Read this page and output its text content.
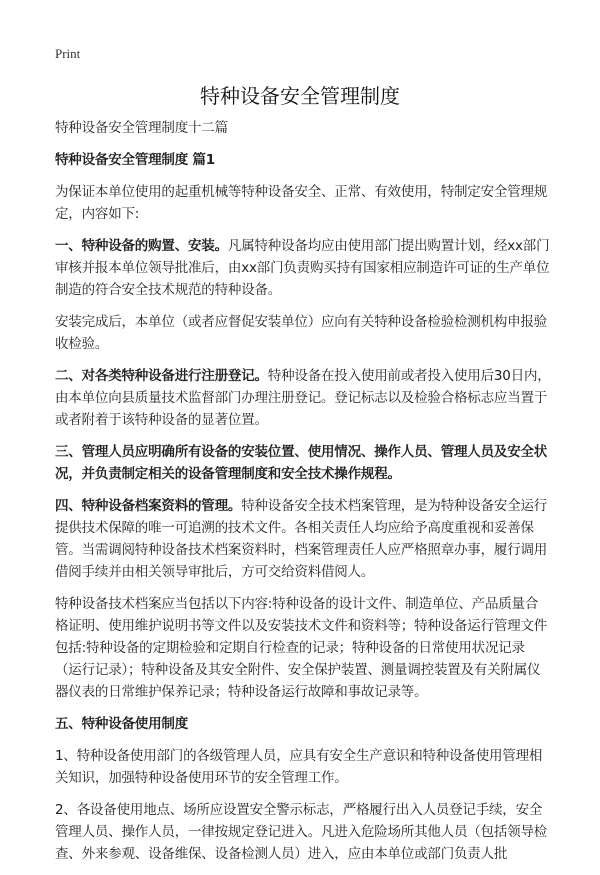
Print
特种设备安全管理制度

特种设备安全管理制度十二篇

特种设备安全管理制度 篇1

为保证本单位使用的起重机械等特种设备安全、正常、有效使用，特制定安全管理规定，内容如下:

一、特种设备的购置、安装。凡属特种设备均应由使用部门提出购置计划，经xx部门审核并报本单位领导批准后，由xx部门负责购买持有国家相应制造许可证的生产单位制造的符合安全技术规范的特种设备。

安装完成后，本单位（或者应督促安装单位）应向有关特种设备检验检测机构申报验收检验。

二、对各类特种设备进行注册登记。特种设备在投入使用前或者投入使用后30日内，由本单位向县质量技术监督部门办理注册登记。登记标志以及检验合格标志应当置于或者附着于该特种设备的显著位置。

三、管理人员应明确所有设备的安装位置、使用情况、操作人员、管理人员及安全状况，并负责制定相关的设备管理制度和安全技术操作规程。

四、特种设备档案资料的管理。特种设备安全技术档案管理，是为特种设备安全运行提供技术保障的唯一可追溯的技术文件。各相关责任人均应给予高度重视和妥善保管。当需调阅特种设备技术档案资料时，档案管理责任人应严格照章办事，履行调用借阅手续并由相关领导审批后，方可交给资料借阅人。

特种设备技术档案应当包括以下内容:特种设备的设计文件、制造单位、产品质量合格证明、使用维护说明书等文件以及安装技术文件和资料等；特种设备运行管理文件包括:特种设备的定期检验和定期自行检查的记录；特种设备的日常使用状况记录（运行记录）；特种设备及其安全附件、安全保护装置、测量调控装置及有关附属仪器仪表的日常维护保养记录；特种设备运行故障和事故记录等。

五、特种设备使用制度

1、特种设备使用部门的各级管理人员，应具有安全生产意识和特种设备使用管理相关知识，加强特种设备使用环节的安全管理工作。

2、各设备使用地点、场所应设置安全警示标志，严格履行出入人员登记手续，安全管理人员、操作人员，一律按规定登记进入。凡进入危险场所其他人员（包括领导检查、外来参观、设备维保、设备检测人员）进入，应由本单位或部门负责人批
